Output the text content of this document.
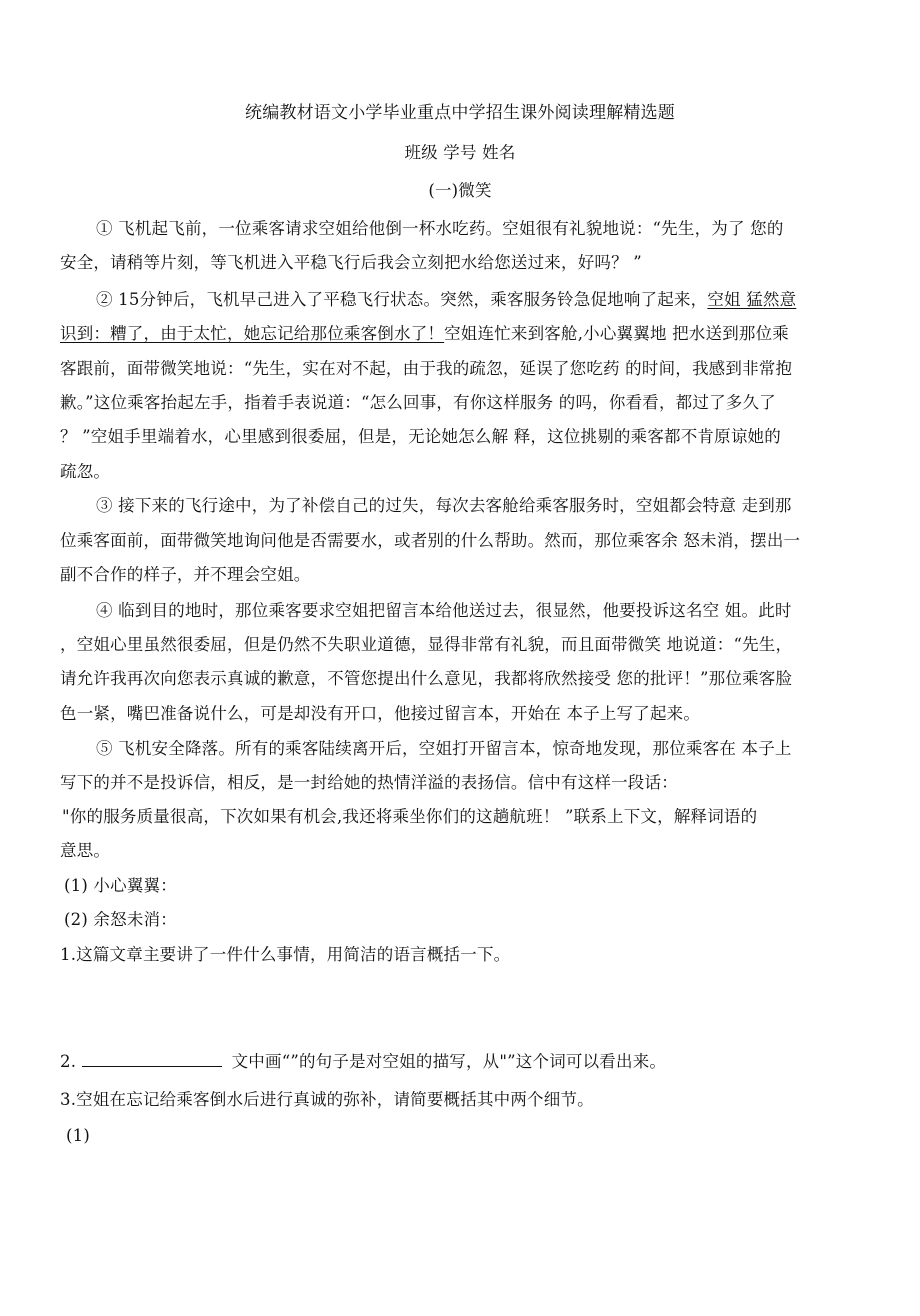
统编教材语文小学毕业重点中学招生课外阅读理解精选题
班级 学号 姓名
(一)微笑
① 飞机起飞前，一位乘客请求空姐给他倒一杯水吃药。空姐很有礼貌地说：“先生，为了 您的
安全，请稍等片刻，等飞机进入平稳飞行后我会立刻把水给您送过来，好吗？ ”
② 15分钟后，飞机早己进入了平稳飞行状态。突然，乘客服务铃急促地响了起来，空姐 猛然意
识到：糟了，由于太忙，她忘记给那位乘客倒水了！空姐连忙来到客舱,小心翼翼地 把水送到那位乘
客跟前，面带微笑地说：“先生，实在对不起，由于我的疏忽，延误了您吃药 的时间，我感到非常抱
歉。”这位乘客抬起左手，指着手表说道：“怎么回事，有你这样服务 的吗，你看看，都过了多久了
？ ”空姐手里端着水，心里感到很委屈，但是，无论她怎么解 释，这位挑剔的乘客都不肯原谅她的
疏忽。
③ 接下来的飞行途中，为了补偿自己的过失，每次去客舱给乘客服务时，空姐都会特意 走到那
位乘客面前，面带微笑地询问他是否需要水，或者别的什么帮助。然而，那位乘客余 怒未消，摆出一
副不合作的样子，并不理会空姐。
④ 临到目的地时，那位乘客要求空姐把留言本给他送过去，很显然，他要投诉这名空 姐。此时
，空姐心里虽然很委屈，但是仍然不失职业道德，显得非常有礼貌，而且面带微笑 地说道：“先生，
请允许我再次向您表示真诚的歉意，不管您提出什么意见，我都将欣然接受 您的批评！”那位乘客脸
色一紧，嘴巴准备说什么，可是却没有开口，他接过留言本，开始在 本子上写了起来。
⑤ 飞机安全降落。所有的乘客陆续离开后，空姐打开留言本，惊奇地发现，那位乘客在 本子上
写下的并不是投诉信，相反，是一封给她的热情洋溢的表扬信。信中有这样一段话：
"你的服务质量很高，下次如果有机会,我还将乘坐你们的这趟航班！ ”联系上下文，解释词语的
意思。
(1) 小心翼翼：
(2) 余怒未消：
1.这篇文章主要讲了一件什么事情，用简洁的语言概括一下。
2.	文中画“”的句子是对空姐的描写，从"”这个词可以看出来。
3.空姐在忘记给乘客倒水后进行真诚的弥补，请简要概括其中两个细节。
(1)
